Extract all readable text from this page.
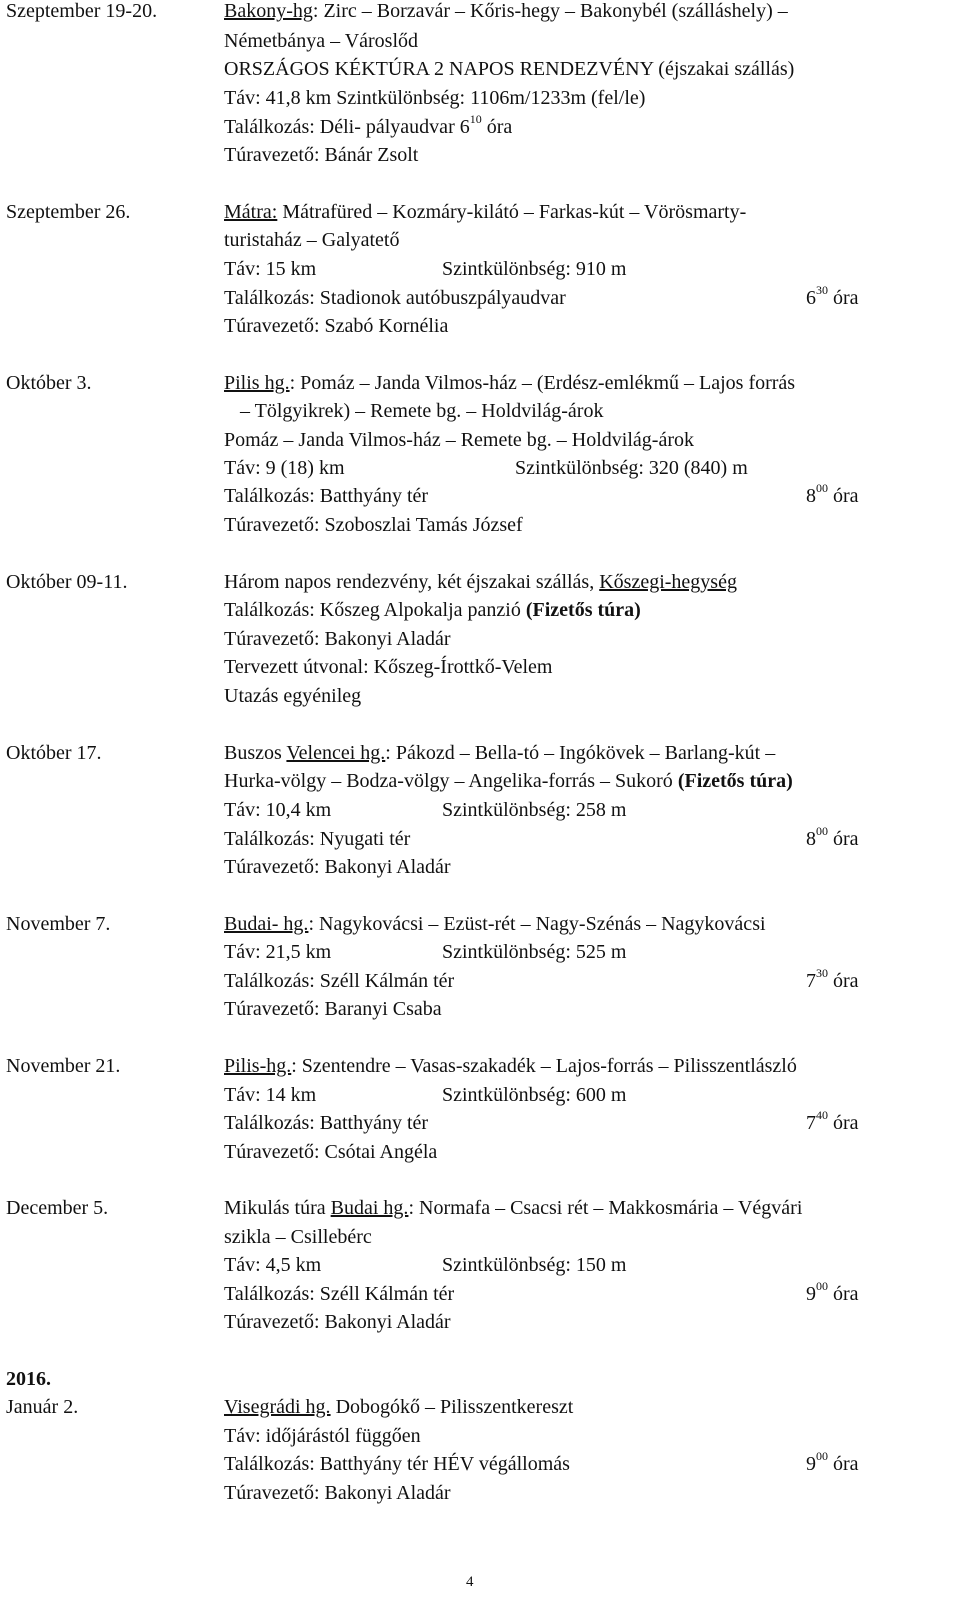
Szeptember 19-20.	Bakony-hg: Zirc – Borzavár – Kőris-hegy – Bakonybél (szálláshely) –
Németbánya – Városlőd
ORSZÁGOS KÉKTÚRA 2 NAPOS RENDEZVÉNY (éjszakai szállás)
Táv: 41,8 km Szintkülönbség: 1106m/1233m (fel/le)
Találkozás: Déli- pályaudvar $6^{10}$ óra
Túravezető: Bánár Zsolt
Szeptember 26.	Mátra: Mátrafüred – Kozmáry-kilátó – Farkas-kút – Vörösmarty-
turistaház – Galyatető
Táv: 15 km	Szintkülönbség: 910 m
Találkozás: Stadionok autóbuszpályaudvar	$6^{30}$ óra
Túravezető: Szabó Kornélia
Október 3.	Pilis hg.: Pomáz – Janda Vilmos-ház – (Erdész-emlékmű – Lajos forrás
– Tölgyikrek) – Remete bg. – Holdvilág-árok
Pomáz – Janda Vilmos-ház – Remete bg. – Holdvilág-árok
Táv: 9 (18) km	Szintkülönbség: 320 (840) m
Találkozás: Batthyány tér	$8^{00}$ óra
Túravezető: Szoboszlai Tamás József
Október 09-11.	Három napos rendezvény, két éjszakai szállás, Kőszegi-hegység
Találkozás: Kőszeg Alpokalja panzió (Fizetős túra)
Túravezető: Bakonyi Aladár
Tervezett útvonal: Kőszeg-Írottkő-Velem
Utazás egyénileg
Október 17.	Buszos Velencei hg.: Pákozd – Bella-tó – Ingókövek – Barlang-kút –
Hurka-völgy – Bodza-völgy – Angelika-forrás – Sukoró (Fizetős túra)
Táv: 10,4 km	Szintkülönbség: 258 m
Találkozás: Nyugati tér	$8^{00}$ óra
Túravezető: Bakonyi Aladár
November 7.	Budai- hg.: Nagykovácsi – Ezüst-rét – Nagy-Szénás – Nagykovácsi
Táv: 21,5 km	Szintkülönbség: 525 m
Találkozás: Széll Kálmán tér	$7^{30}$ óra
Túravezető: Baranyi Csaba
November 21.	Pilis-hg.: Szentendre – Vasas-szakadék – Lajos-forrás – Pilisszentlászló
Táv: 14 km	Szintkülönbség: 600 m
Találkozás: Batthyány tér	$7^{40}$ óra
Túravezető: Csótai Angéla
December 5.	Mikulás túra Budai hg.: Normafa – Csacsi rét – Makkosmária – Végvári
szikla – Csillebérc
Táv: 4,5 km	Szintkülönbség: 150 m
Találkozás: Széll Kálmán tér	$9^{00}$ óra
Túravezető: Bakonyi Aladár
2016.
Január 2.	Visegrádi hg. Dobogókő – Pilisszentkereszt
Táv: időjárástól függően
Találkozás: Batthyány tér HÉV végállomás	$9^{00}$ óra
Túravezető: Bakonyi Aladár
4
